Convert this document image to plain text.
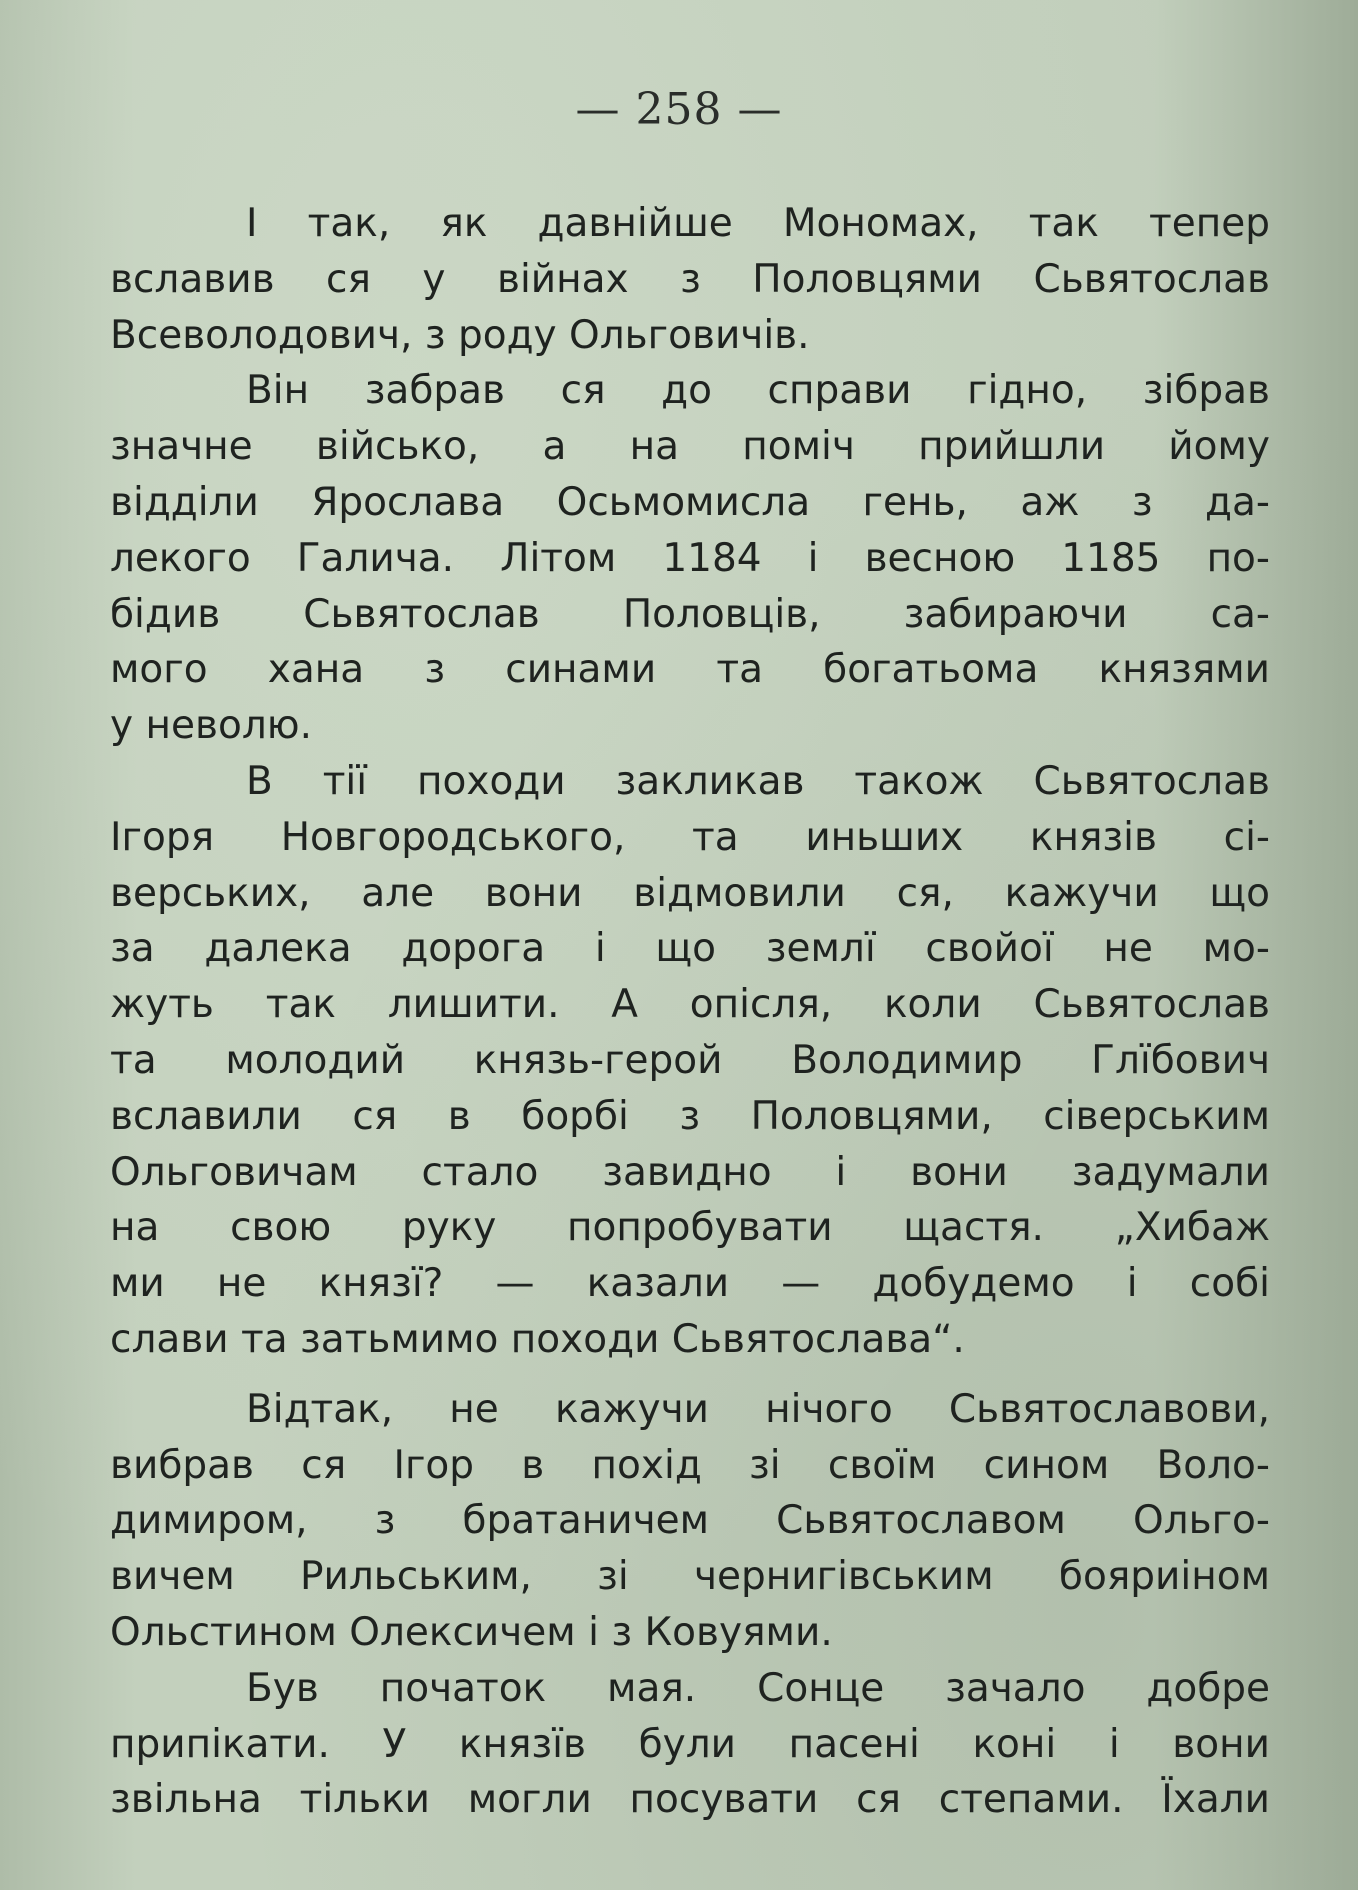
— 258 —
І так, як давнійше Мономах, так тепер
вславив ся у війнах з Половцями Сьвятослав
Всеволодович, з роду Ольговичів.
Він забрав ся до справи гідно, зібрав
значне військо, а на поміч прийшли йому
відділи Ярослава Осьмомисла гень, аж з да-
лекого Галича. Літом 1184 і весною 1185 по-
бідив Сьвятослав Половців, забираючи са-
мого хана з синами та богатьома князями
у неволю.
В тії походи закликав також Сьвятослав
Ігоря Новгородського, та иньших князів сі-
верських, але вони відмовили ся, кажучи що
за далека дорога і що землї свойої не мо-
жуть так лишити. А опісля, коли Сьвятослав
та молодий князь-герой Володимир Глїбович
вславили ся в борбі з Половцями, сіверським
Ольговичам стало завидно і вони задумали
на свою руку попробувати щастя. „Хибаж
ми не князї? — казали — добудемо і собі
слави та затьмимо походи Сьвятослава“.
Відтак, не кажучи нічого Сьвятославови,
вибрав ся Ігор в похід зі своїм сином Воло-
димиром, з братаничем Сьвятославом Ольго-
вичем Рильським, зі чернигівським бояриіном
Ольстином Олексичем і з Ковуями.
Був початок мая. Сонце зачало добре
припікати. У князїв були пасені коні і вони
звільна тільки могли посувати ся степами. Їхали
